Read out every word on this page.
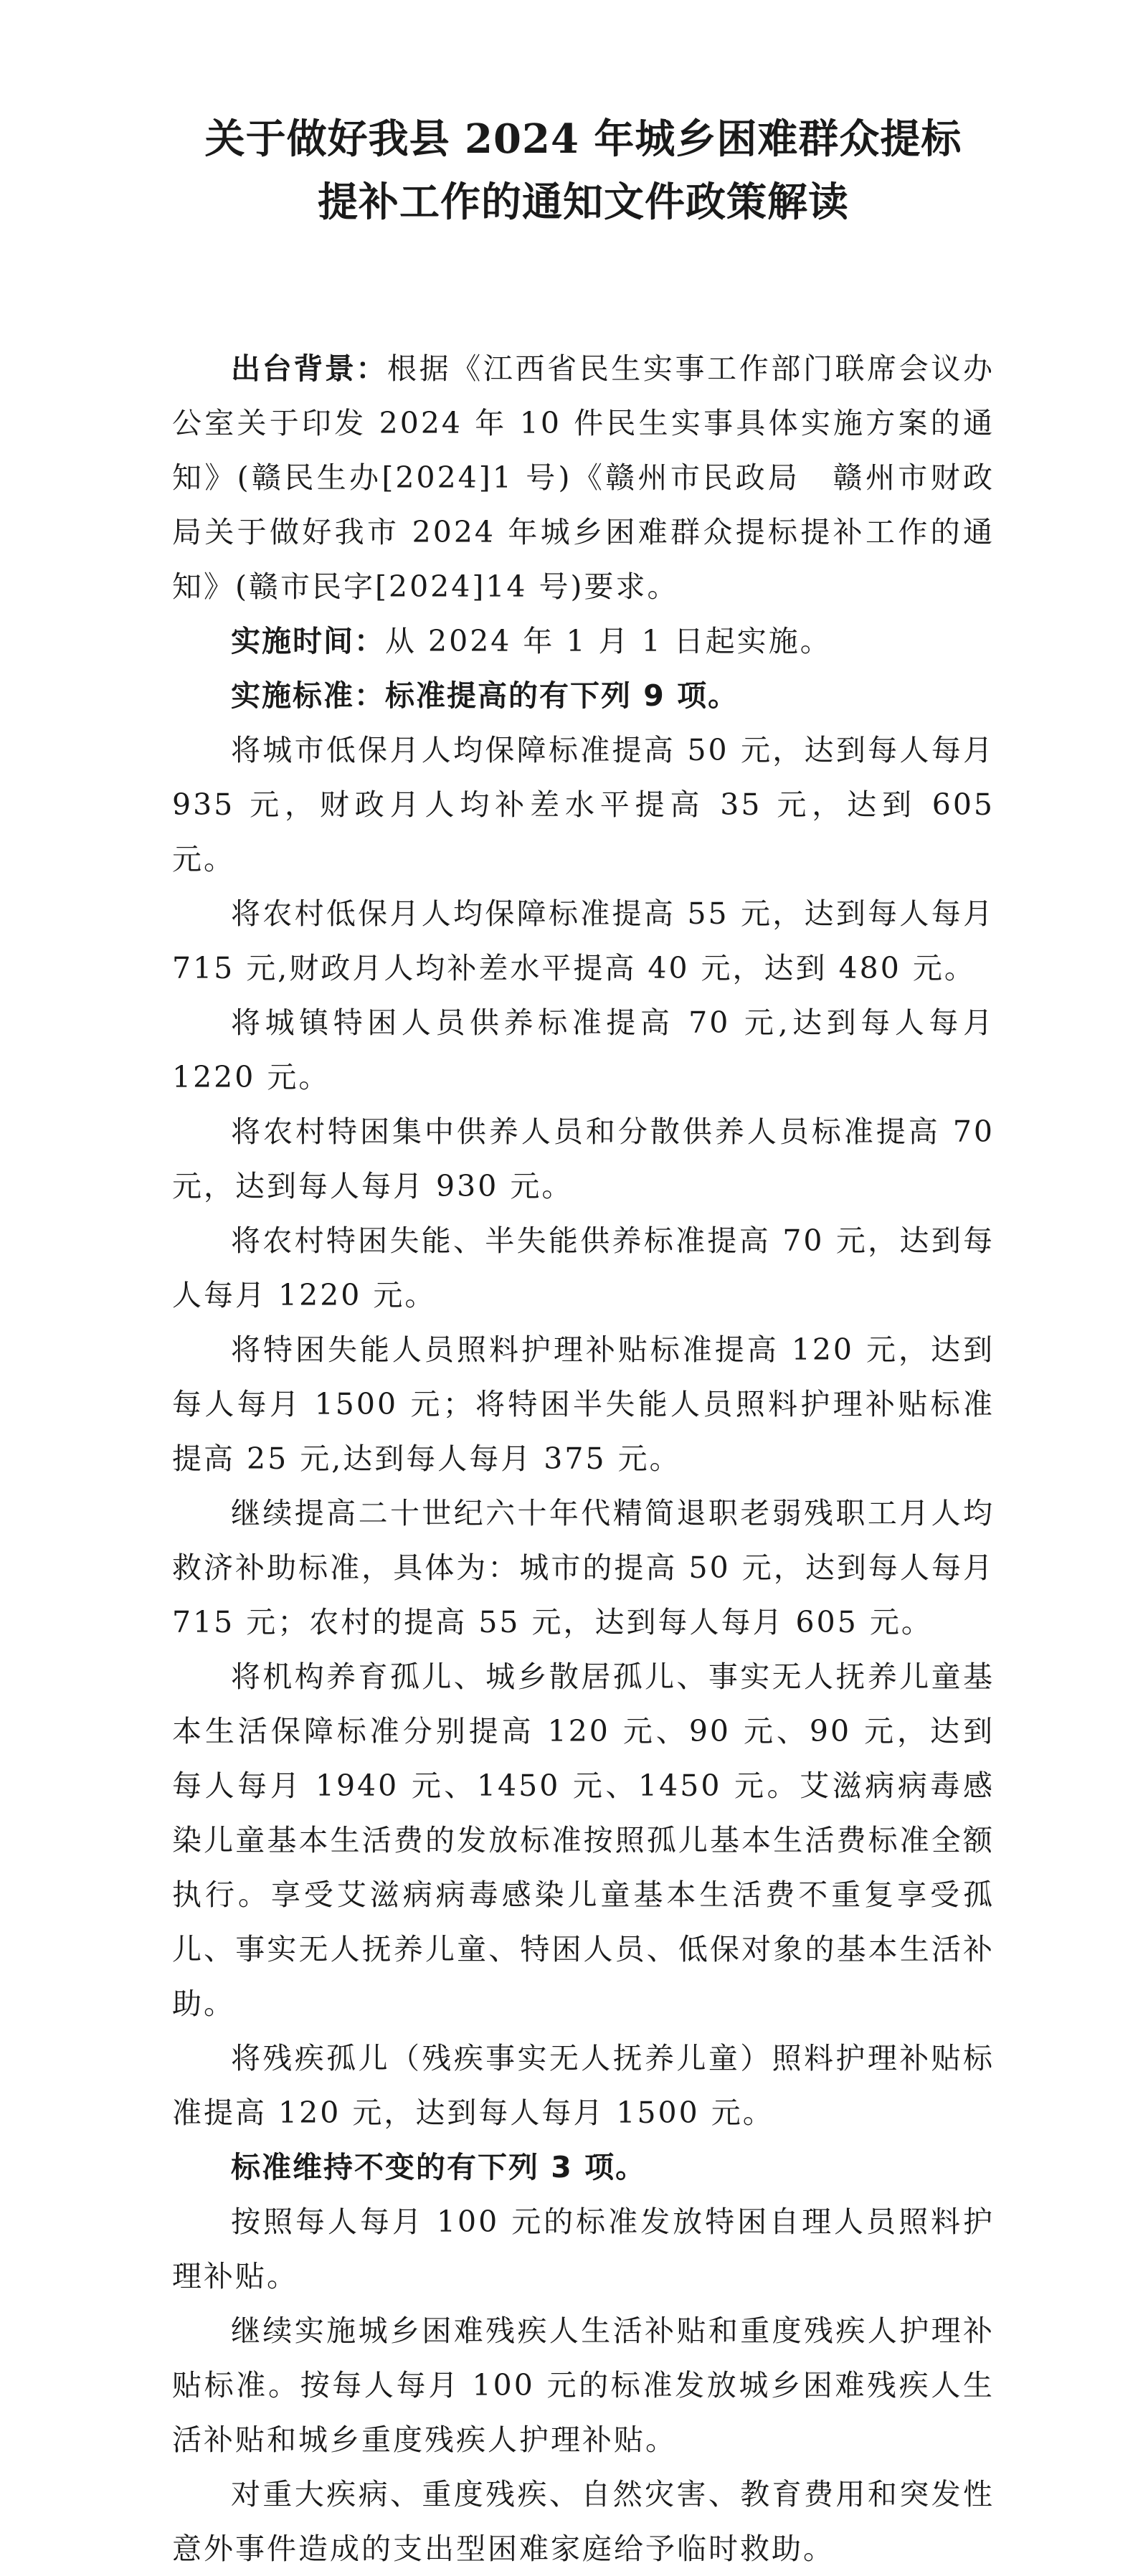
关于做好我县 2024 年城乡困难群众提标
提补工作的通知文件政策解读

出台背景：根据《江西省民生实事工作部门联席会议办公室关于印发 2024 年 10 件民生实事具体实施方案的通知》(赣民生办[2024]1 号)《赣州市民政局　赣州市财政局关于做好我市 2024 年城乡困难群众提标提补工作的通知》(赣市民字[2024]14 号)要求。

实施时间：从 2024 年 1 月 1 日起实施。

实施标准：标准提高的有下列 9 项。

将城市低保月人均保障标准提高 50 元，达到每人每月 935 元，财政月人均补差水平提高 35 元，达到 605 元。

将农村低保月人均保障标准提高 55 元，达到每人每月 715 元,财政月人均补差水平提高 40 元，达到 480 元。

将城镇特困人员供养标准提高 70 元,达到每人每月 1220 元。

将农村特困集中供养人员和分散供养人员标准提高 70 元，达到每人每月 930 元。

将农村特困失能、半失能供养标准提高 70 元，达到每人每月 1220 元。

将特困失能人员照料护理补贴标准提高 120 元，达到每人每月 1500 元；将特困半失能人员照料护理补贴标准提高 25 元,达到每人每月 375 元。

继续提高二十世纪六十年代精简退职老弱残职工月人均救济补助标准，具体为：城市的提高 50 元，达到每人每月 715 元；农村的提高 55 元，达到每人每月 605 元。

将机构养育孤儿、城乡散居孤儿、事实无人抚养儿童基本生活保障标准分别提高 120 元、90 元、90 元，达到每人每月 1940 元、1450 元、1450 元。艾滋病病毒感染儿童基本生活费的发放标准按照孤儿基本生活费标准全额执行。享受艾滋病病毒感染儿童基本生活费不重复享受孤儿、事实无人抚养儿童、特困人员、低保对象的基本生活补助。

将残疾孤儿（残疾事实无人抚养儿童）照料护理补贴标准提高 120 元，达到每人每月 1500 元。

标准维持不变的有下列 3 项。

按照每人每月 100 元的标准发放特困自理人员照料护理补贴。

继续实施城乡困难残疾人生活补贴和重度残疾人护理补贴标准。按每人每月 100 元的标准发放城乡困难残疾人生活补贴和城乡重度残疾人护理补贴。

对重大疾病、重度残疾、自然灾害、教育费用和突发性意外事件造成的支出型困难家庭给予临时救助。
